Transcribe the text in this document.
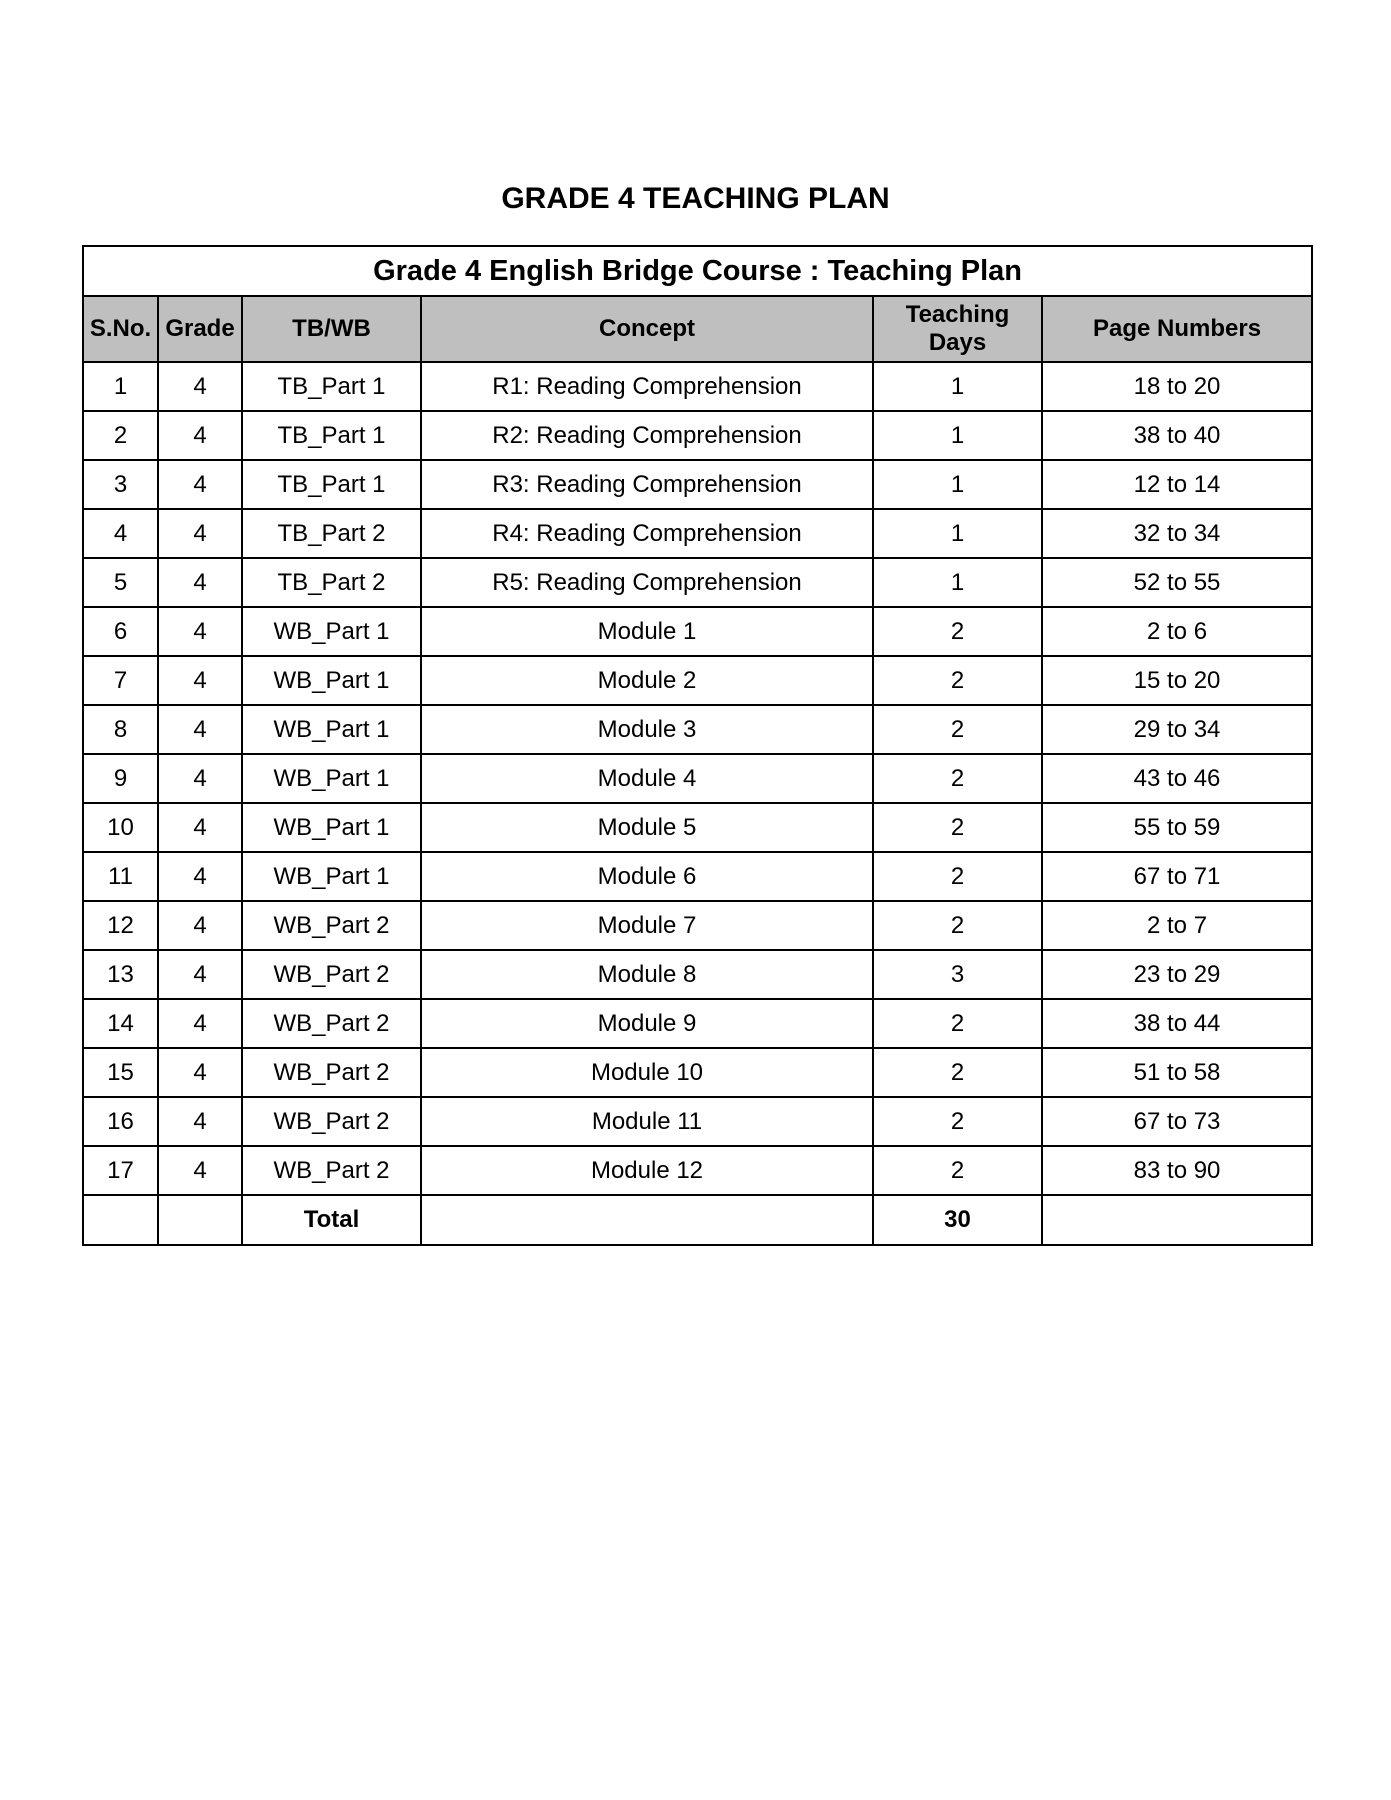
GRADE 4 TEACHING PLAN
Grade 4 English Bridge Course : Teaching Plan					
S.No.	Grade	TB/WB	Concept	Teaching Days	Page Numbers
1	4	TB_Part 1	R1: Reading Comprehension	1	18 to 20
2	4	TB_Part 1	R2: Reading Comprehension	1	38 to 40
3	4	TB_Part 1	R3: Reading Comprehension	1	12 to 14
4	4	TB_Part 2	R4: Reading Comprehension	1	32 to 34
5	4	TB_Part 2	R5: Reading Comprehension	1	52 to 55
6	4	WB_Part 1	Module 1	2	2 to 6
7	4	WB_Part 1	Module 2	2	15 to 20
8	4	WB_Part 1	Module 3	2	29 to 34
9	4	WB_Part 1	Module 4	2	43 to 46
10	4	WB_Part 1	Module 5	2	55 to 59
11	4	WB_Part 1	Module 6	2	67 to 71
12	4	WB_Part 2	Module 7	2	2 to 7
13	4	WB_Part 2	Module 8	3	23 to 29
14	4	WB_Part 2	Module 9	2	38 to 44
15	4	WB_Part 2	Module 10	2	51 to 58
16	4	WB_Part 2	Module 11	2	67 to 73
17	4	WB_Part 2	Module 12	2	83 to 90
		Total		30	
